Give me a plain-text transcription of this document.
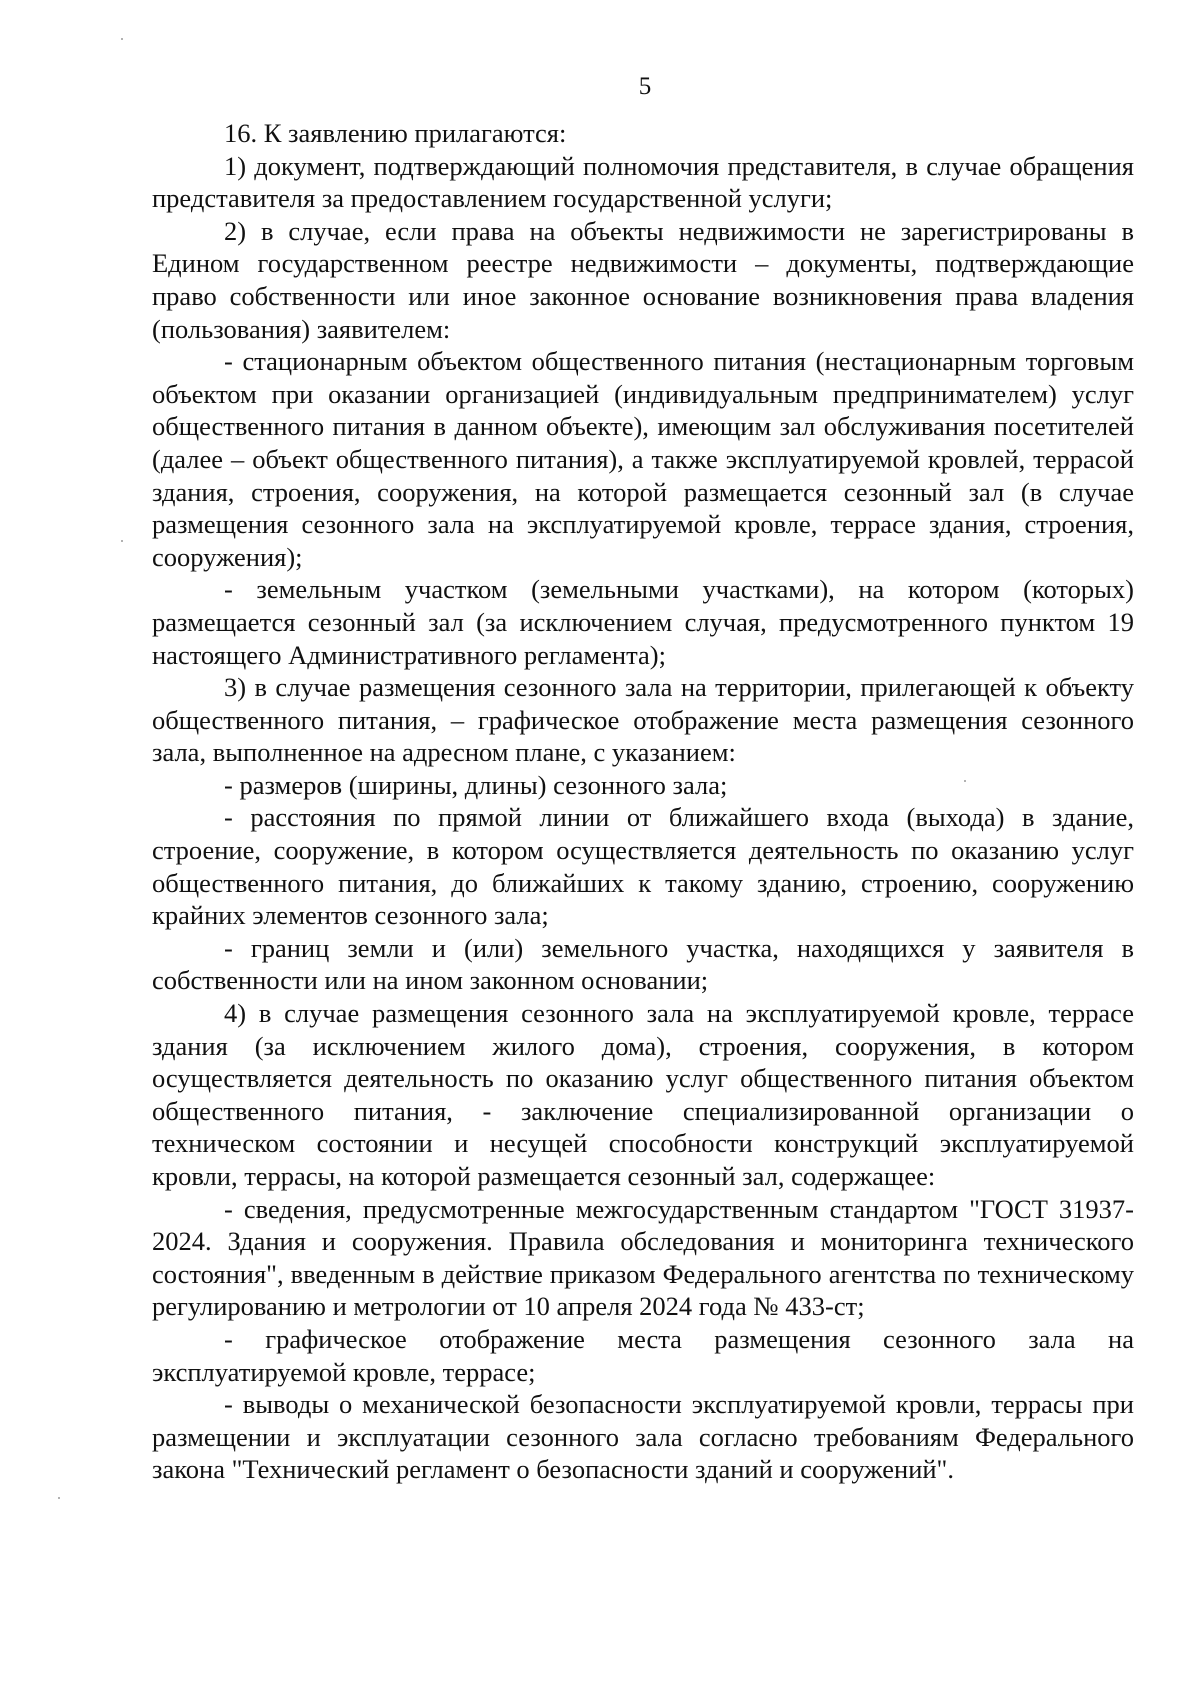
5

16. К заявлению прилагаются:

1) документ, подтверждающий полномочия представителя, в случае обращения представителя за предоставлением государственной услуги;

2) в случае, если права на объекты недвижимости не зарегистрированы в Едином государственном реестре недвижимости – документы, подтверждающие право собственности или иное законное основание возникновения права владения (пользования) заявителем:

- стационарным объектом общественного питания (нестационарным торговым объектом при оказании организацией (индивидуальным предпринимателем) услуг общественного питания в данном объекте), имеющим зал обслуживания посетителей (далее – объект общественного питания), а также эксплуатируемой кровлей, террасой здания, строения, сооружения, на которой размещается сезонный зал (в случае размещения сезонного зала на эксплуатируемой кровле, террасе здания, строения, сооружения);

- земельным участком (земельными участками), на котором (которых) размещается сезонный зал (за исключением случая, предусмотренного пунктом 19 настоящего Административного регламента);

3) в случае размещения сезонного зала на территории, прилегающей к объекту общественного питания, – графическое отображение места размещения сезонного зала, выполненное на адресном плане, с указанием:

- размеров (ширины, длины) сезонного зала;

- расстояния по прямой линии от ближайшего входа (выхода) в здание, строение, сооружение, в котором осуществляется деятельность по оказанию услуг общественного питания, до ближайших к такому зданию, строению, сооружению крайних элементов сезонного зала;

- границ земли и (или) земельного участка, находящихся у заявителя в собственности или на ином законном основании;

4) в случае размещения сезонного зала на эксплуатируемой кровле, террасе здания (за исключением жилого дома), строения, сооружения, в котором осуществляется деятельность по оказанию услуг общественного питания объектом общественного питания, - заключение специализированной организации о техническом состоянии и несущей способности конструкций эксплуатируемой кровли, террасы, на которой размещается сезонный зал, содержащее:

- сведения, предусмотренные межгосударственным стандартом "ГОСТ 31937-2024. Здания и сооружения. Правила обследования и мониторинга технического состояния", введенным в действие приказом Федерального агентства по техническому регулированию и метрологии от 10 апреля 2024 года № 433-ст;

- графическое отображение места размещения сезонного зала на эксплуатируемой кровле, террасе;

- выводы о механической безопасности эксплуатируемой кровли, террасы при размещении и эксплуатации сезонного зала согласно требованиям Федерального закона "Технический регламент о безопасности зданий и сооружений".
